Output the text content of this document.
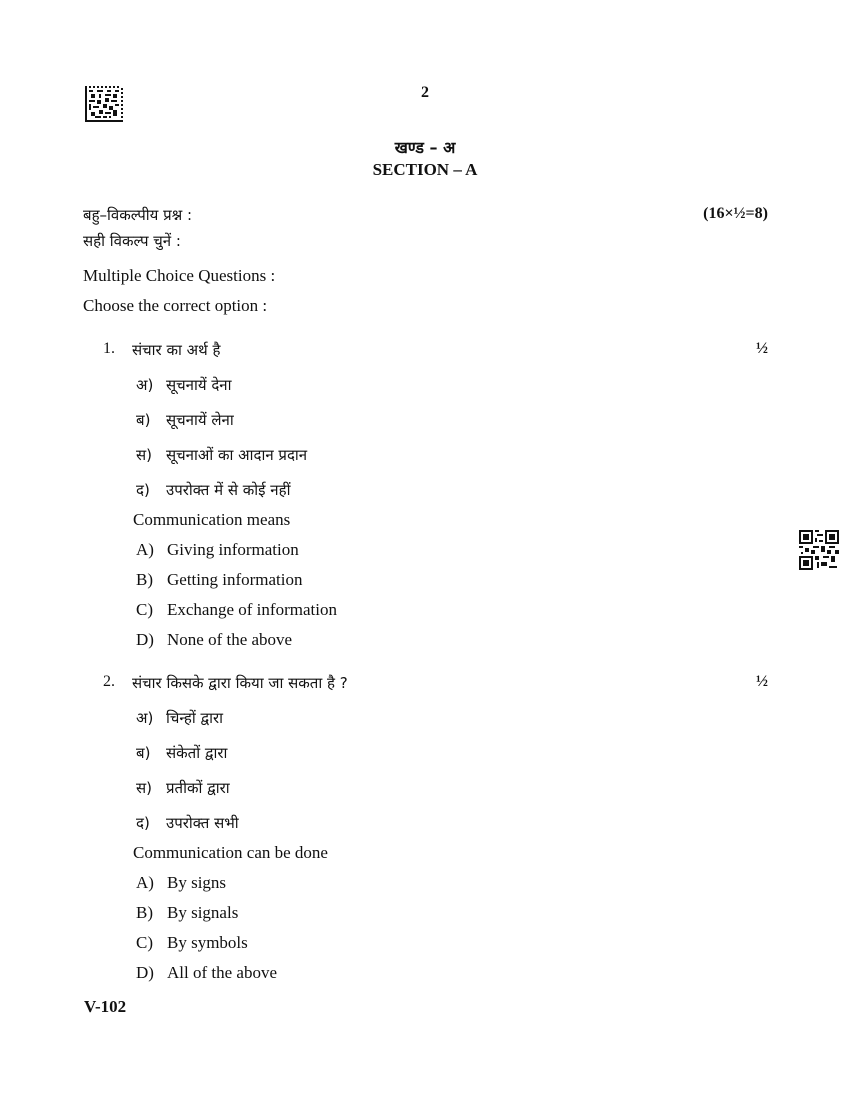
2
खण्ड – अ
SECTION – A
बहु–विकल्पीय प्रश्न :	(16×½=8)
सही विकल्प चुनें :
Multiple Choice Questions :
Choose the correct option :
1. संचार का अर्थ है	½
अ) सूचनायें देना
ब) सूचनायें लेना
स) सूचनाओं का आदान प्रदान
द) उपरोक्त में से कोई नहीं
Communication means
A) Giving information
B) Getting information
C) Exchange of information
D) None of the above
2. संचार किसके द्वारा किया जा सकता है ?	½
अ) चिन्हों द्वारा
ब) संकेतों द्वारा
स) प्रतीकों द्वारा
द) उपरोक्त सभी
Communication can be done
A) By signs
B) By signals
C) By symbols
D) All of the above
V-102
